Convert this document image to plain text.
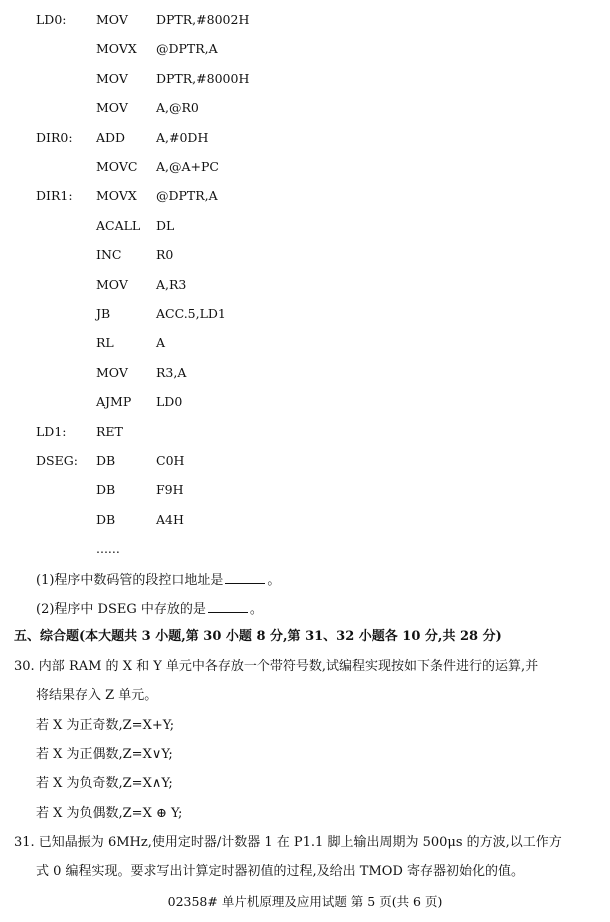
LD0: MOV DPTR,#8002H
MOVX @DPTR,A
MOV DPTR,#8000H
MOV A,@R0
DIR0: ADD A,#0DH
MOVC A,@A+PC
DIR1: MOVX @DPTR,A
ACALL DL
INC	R0
MOV A,R3
JB	ACC.5,LD1
RL	A
MOV R3,A
AJMP LD0
LD1: RET
DSEG: DB	C0H
DB	F9H
DB	A4H
......
(1)程序中数码管的段控口地址是	。
(2)程序中 DSEG 中存放的是	。
五、综合题(本大题共 3 小题,第 30 小题 8 分,第 31、32 小题各 10 分,共 28 分)
30. 内部 RAM 的 X 和 Y 单元中各存放一个带符号数,试编程实现按如下条件进行的运算,并
将结果存入 Z 单元。
若 X 为正奇数,Z=X+Y;
若 X 为正偶数,Z=X∨Y;
若 X 为负奇数,Z=X∧Y;
若 X 为负偶数,Z=X ⊕ Y;
31. 已知晶振为 6MHz,使用定时器/计数器 1 在 P1.1 脚上输出周期为 500μs 的方波,以工作方
式 0 编程实现。要求写出计算定时器初值的过程,及给出 TMOD 寄存器初始化的值。
02358# 单片机原理及应用试题 第 5 页(共 6 页)
